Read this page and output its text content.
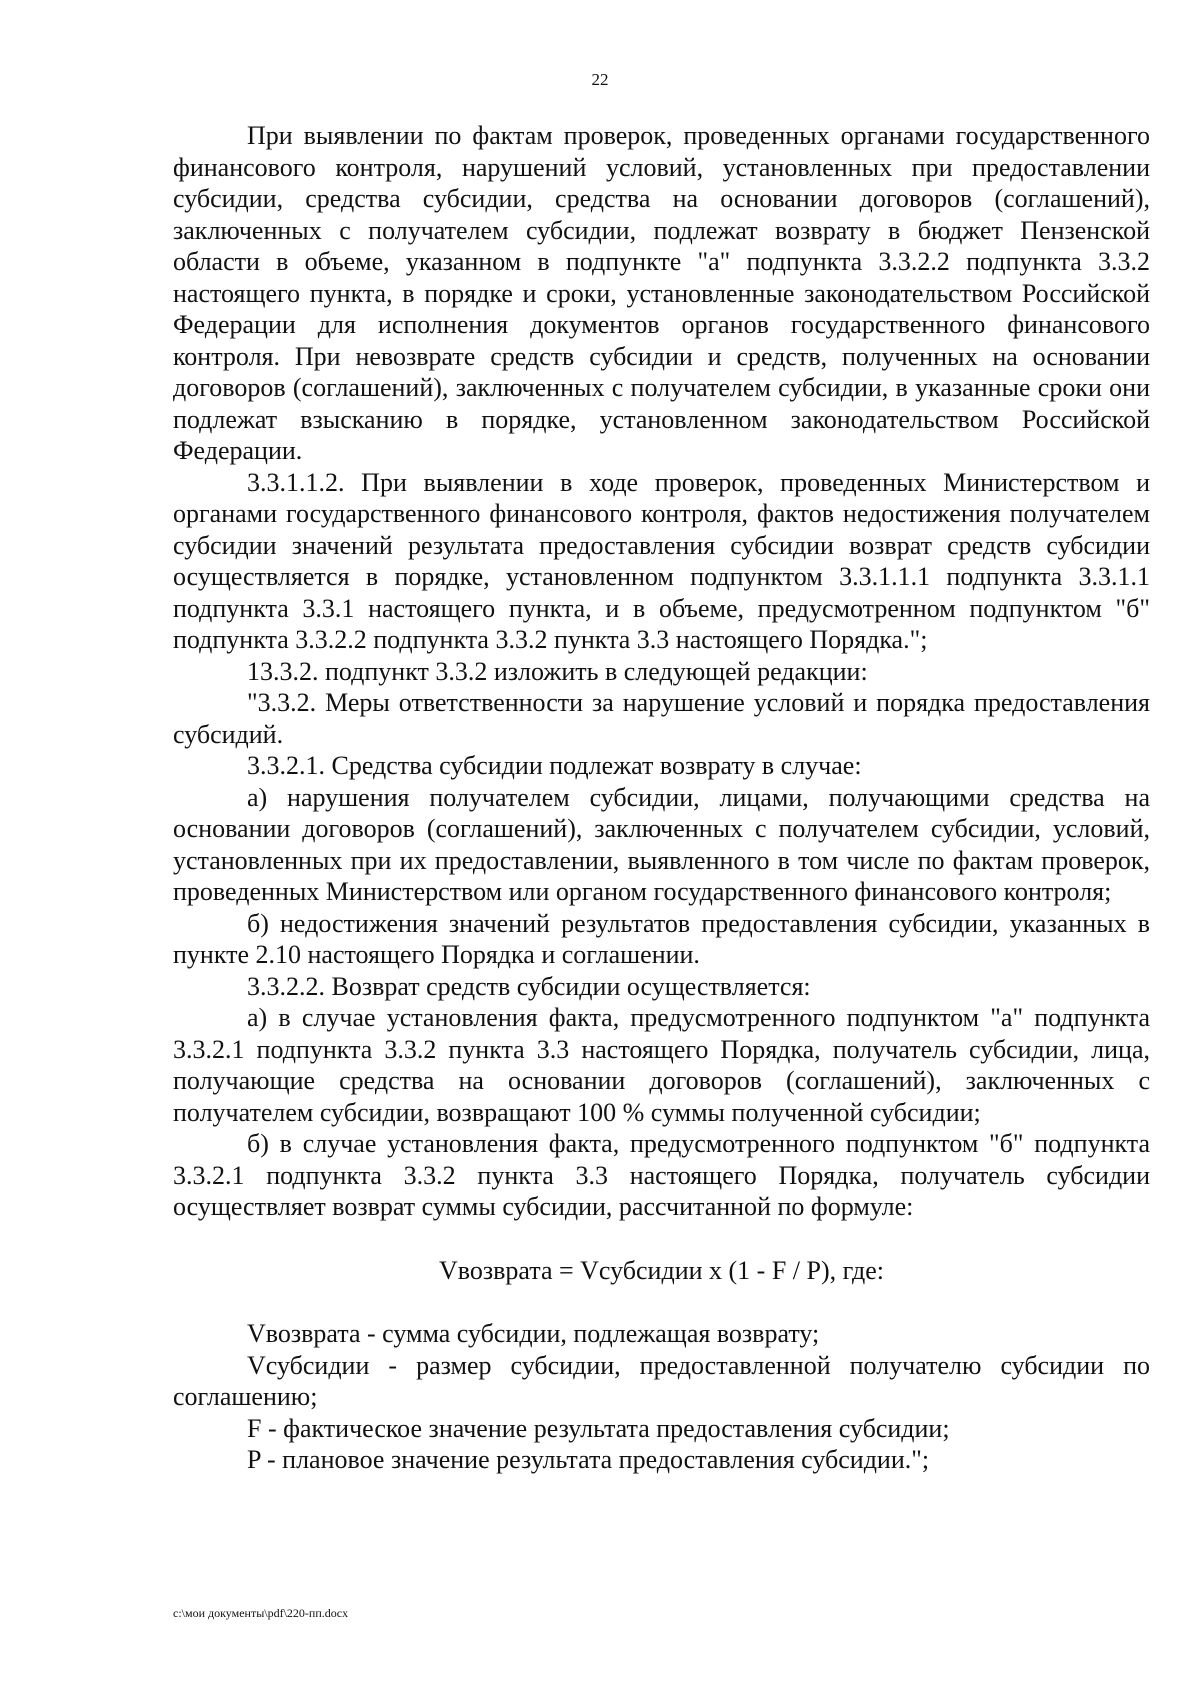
22

При выявлении по фактам проверок, проведенных органами государственного финансового контроля, нарушений условий, установленных при предоставлении субсидии, средства субсидии, средства на основании договоров (соглашений), заключенных с получателем субсидии, подлежат возврату в бюджет Пензенской области в объеме, указанном в подпункте "а" подпункта 3.3.2.2 подпункта 3.3.2 настоящего пункта, в порядке и сроки, установленные законодательством Российской Федерации для исполнения документов органов государственного финансового контроля. При невозврате средств субсидии и средств, полученных на основании договоров (соглашений), заключенных с получателем субсидии, в указанные сроки они подлежат взысканию в порядке, установленном законодательством Российской Федерации.

3.3.1.1.2. При выявлении в ходе проверок, проведенных Министерством и органами государственного финансового контроля, фактов недостижения получателем субсидии значений результата предоставления субсидии возврат средств субсидии осуществляется в порядке, установленном подпунктом 3.3.1.1.1 подпункта 3.3.1.1 подпункта 3.3.1 настоящего пункта, и в объеме, предусмотренном подпунктом "б" подпункта 3.3.2.2 подпункта 3.3.2 пункта 3.3 настоящего Порядка.";

13.3.2. подпункт 3.3.2 изложить в следующей редакции:

"3.3.2. Меры ответственности за нарушение условий и порядка предоставления субсидий.

3.3.2.1. Средства субсидии подлежат возврату в случае:

а) нарушения получателем субсидии, лицами, получающими средства на основании договоров (соглашений), заключенных с получателем субсидии, условий, установленных при их предоставлении, выявленного в том числе по фактам проверок, проведенных Министерством или органом государственного финансового контроля;

б) недостижения значений результатов предоставления субсидии, указанных в пункте 2.10 настоящего Порядка и соглашении.

3.3.2.2. Возврат средств субсидии осуществляется:

а) в случае установления факта, предусмотренного подпунктом "а" подпункта 3.3.2.1 подпункта 3.3.2 пункта 3.3 настоящего Порядка, получатель субсидии, лица, получающие средства на основании договоров (соглашений), заключенных с получателем субсидии, возвращают 100 % суммы полученной субсидии;

б) в случае установления факта, предусмотренного подпунктом "б" подпункта 3.3.2.1 подпункта 3.3.2 пункта 3.3 настоящего Порядка, получатель субсидии осуществляет возврат суммы субсидии, рассчитанной по формуле:

Vвозврата = Vсубсидии x (1 - F / P), где:

Vвозврата - сумма субсидии, подлежащая возврату;

Vсубсидии - размер субсидии, предоставленной получателю субсидии по соглашению;

F - фактическое значение результата предоставления субсидии;

P - плановое значение результата предоставления субсидии.";

c:\мои документы\pdf\220-пп.docx
